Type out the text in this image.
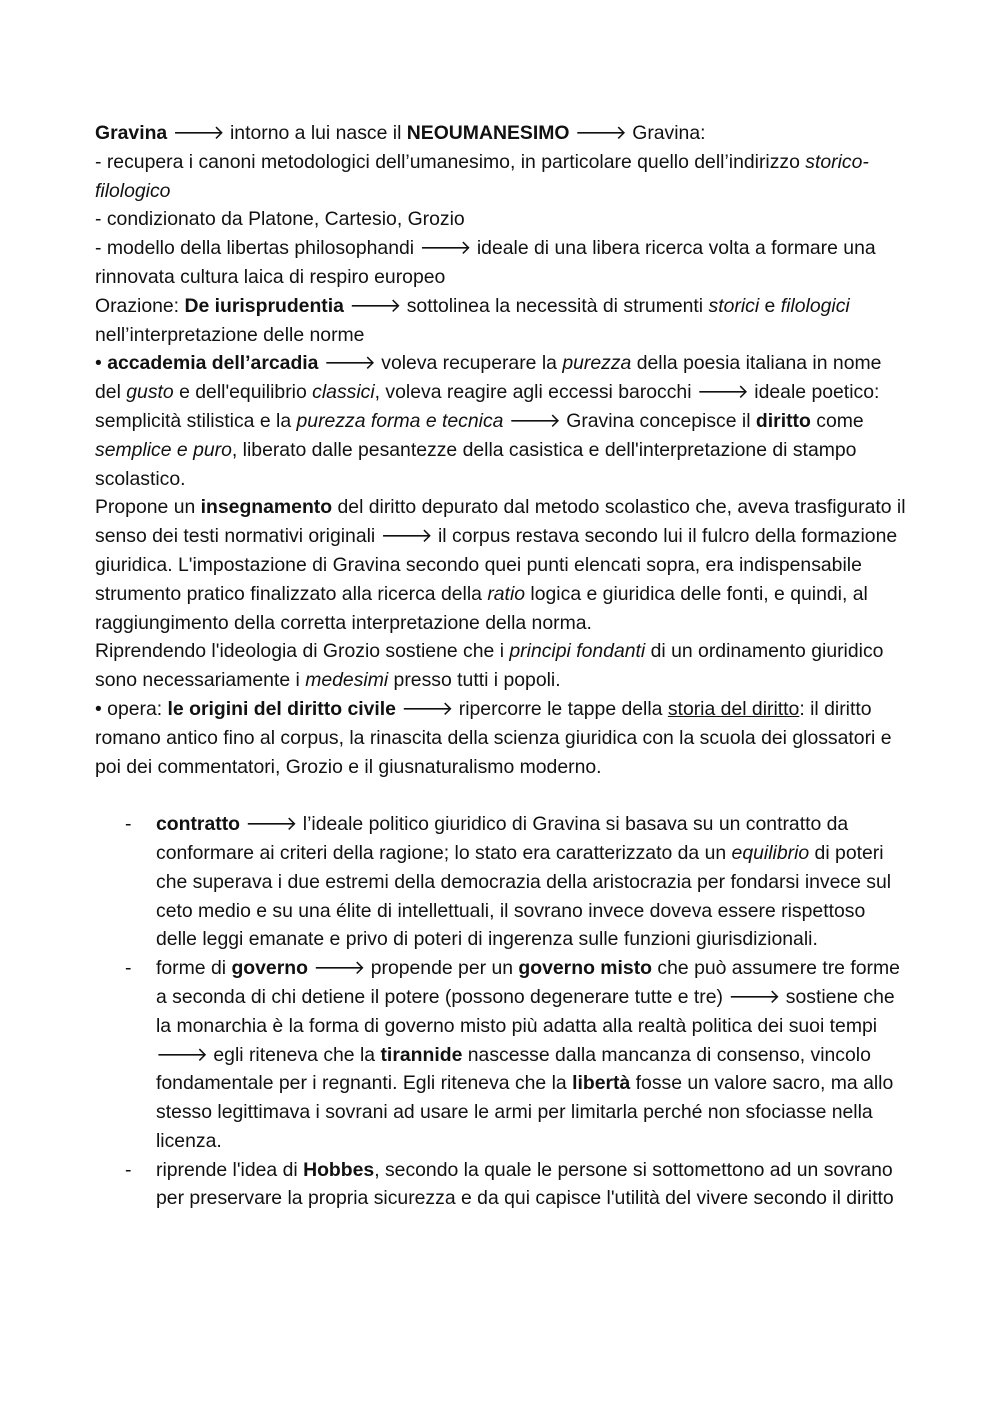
Gravina 🡒 intorno a lui nasce il NEOUMANESIMO 🡒 Gravina:

- recupera i canoni metodologici dell’umanesimo, in particolare quello dell’indirizzo storico-filologico

- condizionato da Platone, Cartesio, Grozio

- modello della libertas philosophandi 🡒 ideale di una libera ricerca volta a formare una rinnovata cultura laica di respiro europeo

Orazione: De iurisprudentia 🡒 sottolinea la necessità di strumenti storici e filologici nell’interpretazione delle norme

• accademia dell’arcadia 🡒 voleva recuperare la purezza della poesia italiana in nome del gusto e dell'equilibrio classici, voleva reagire agli eccessi barocchi 🡒 ideale poetico: semplicità stilistica e la purezza forma e tecnica 🡒 Gravina concepisce il diritto come semplice e puro, liberato dalle pesantezze della casistica e dell'interpretazione di stampo scolastico.

Propone un insegnamento del diritto depurato dal metodo scolastico che, aveva trasfigurato il senso dei testi normativi originali 🡒 il corpus restava secondo lui il fulcro della formazione giuridica. L'impostazione di Gravina secondo quei punti elencati sopra, era indispensabile strumento pratico finalizzato alla ricerca della ratio logica e giuridica delle fonti, e quindi, al raggiungimento della corretta interpretazione della norma.

Riprendendo l'ideologia di Grozio sostiene che i principi fondanti di un ordinamento giuridico sono necessariamente i medesimi presso tutti i popoli.

• opera: le origini del diritto civile 🡒 ripercorre le tappe della storia del diritto: il diritto romano antico fino al corpus, la rinascita della scienza giuridica con la scuola dei glossatori e poi dei commentatori, Grozio e il giusnaturalismo moderno.

- contratto 🡒 l’ideale politico giuridico di Gravina si basava su un contratto da conformare ai criteri della ragione; lo stato era caratterizzato da un equilibrio di poteri che superava i due estremi della democrazia della aristocrazia per fondarsi invece sul ceto medio e su una élite di intellettuali, il sovrano invece doveva essere rispettoso delle leggi emanate e privo di poteri di ingerenza sulle funzioni giurisdizionali.
- forme di governo 🡒 propende per un governo misto che può assumere tre forme a seconda di chi detiene il potere (possono degenerare tutte e tre) 🡒 sostiene che la monarchia è la forma di governo misto più adatta alla realtà politica dei suoi tempi 🡒 egli riteneva che la tirannide nascesse dalla mancanza di consenso, vincolo fondamentale per i regnanti. Egli riteneva che la libertà fosse un valore sacro, ma allo stesso legittimava i sovrani ad usare le armi per limitarla perché non sfociasse nella licenza.
- riprende l'idea di Hobbes, secondo la quale le persone si sottomettono ad un sovrano per preservare la propria sicurezza e da qui capisce l'utilità del vivere secondo il diritto
